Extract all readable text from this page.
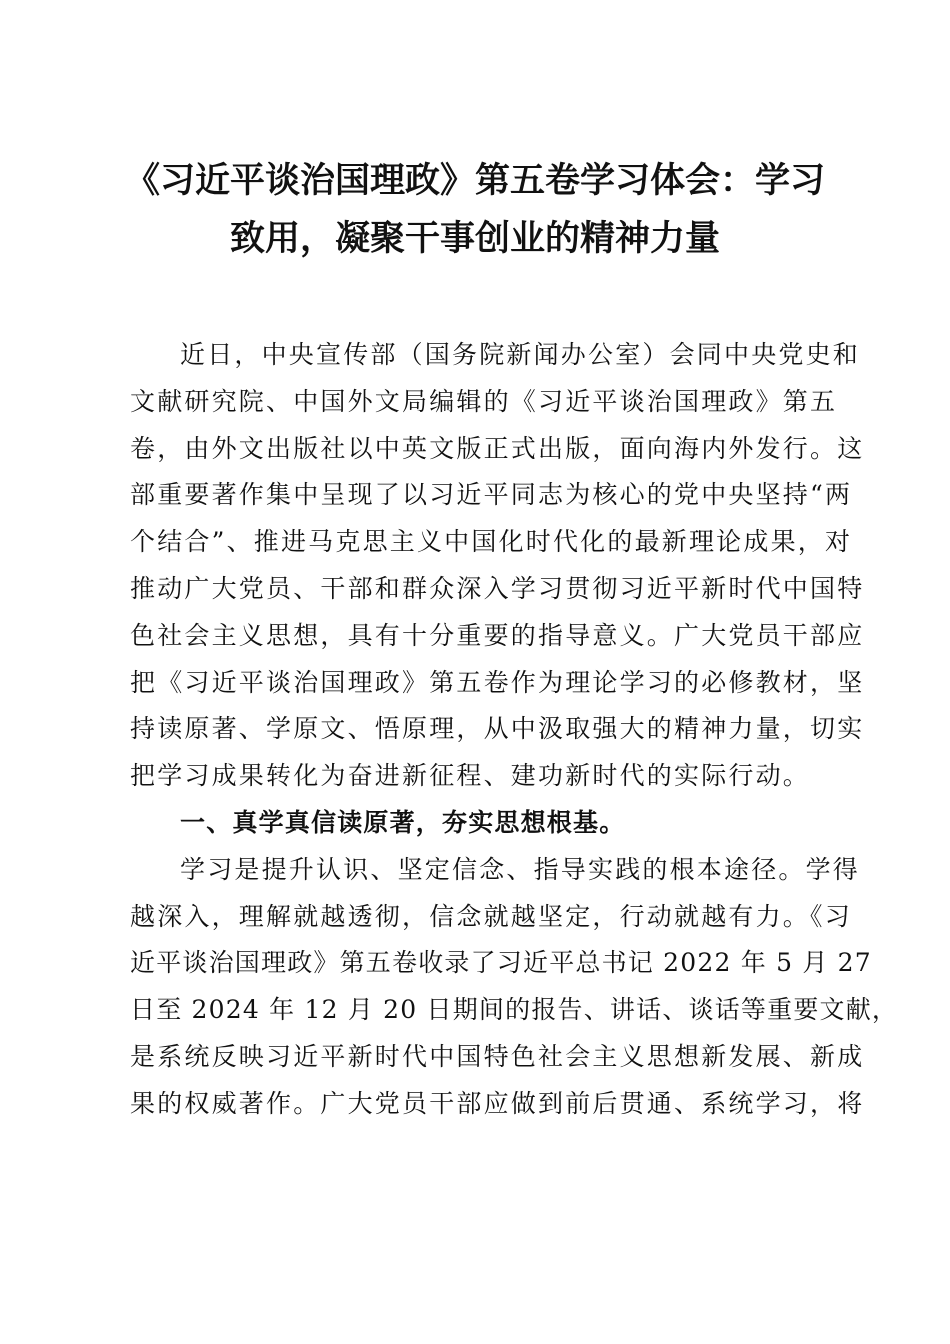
《习近平谈治国理政》第五卷学习体会：学习
致用，凝聚干事创业的精神力量
近日，中央宣传部（国务院新闻办公室）会同中央党史和
文献研究院、中国外文局编辑的《习近平谈治国理政》第五
卷，由外文出版社以中英文版正式出版，面向海内外发行。这
部重要著作集中呈现了以习近平同志为核心的党中央坚持“两
个结合”、推进马克思主义中国化时代化的最新理论成果，对
推动广大党员、干部和群众深入学习贯彻习近平新时代中国特
色社会主义思想，具有十分重要的指导意义。广大党员干部应
把《习近平谈治国理政》第五卷作为理论学习的必修教材，坚
持读原著、学原文、悟原理，从中汲取强大的精神力量，切实
把学习成果转化为奋进新征程、建功新时代的实际行动。
一、真学真信读原著，夯实思想根基。
学习是提升认识、坚定信念、指导实践的根本途径。学得
越深入，理解就越透彻，信念就越坚定，行动就越有力。《习
近平谈治国理政》第五卷收录了习近平总书记 2022 年 5 月 27
日至 2024 年 12 月 20 日期间的报告、讲话、谈话等重要文献，
是系统反映习近平新时代中国特色社会主义思想新发展、新成
果的权威著作。广大党员干部应做到前后贯通、系统学习，将
